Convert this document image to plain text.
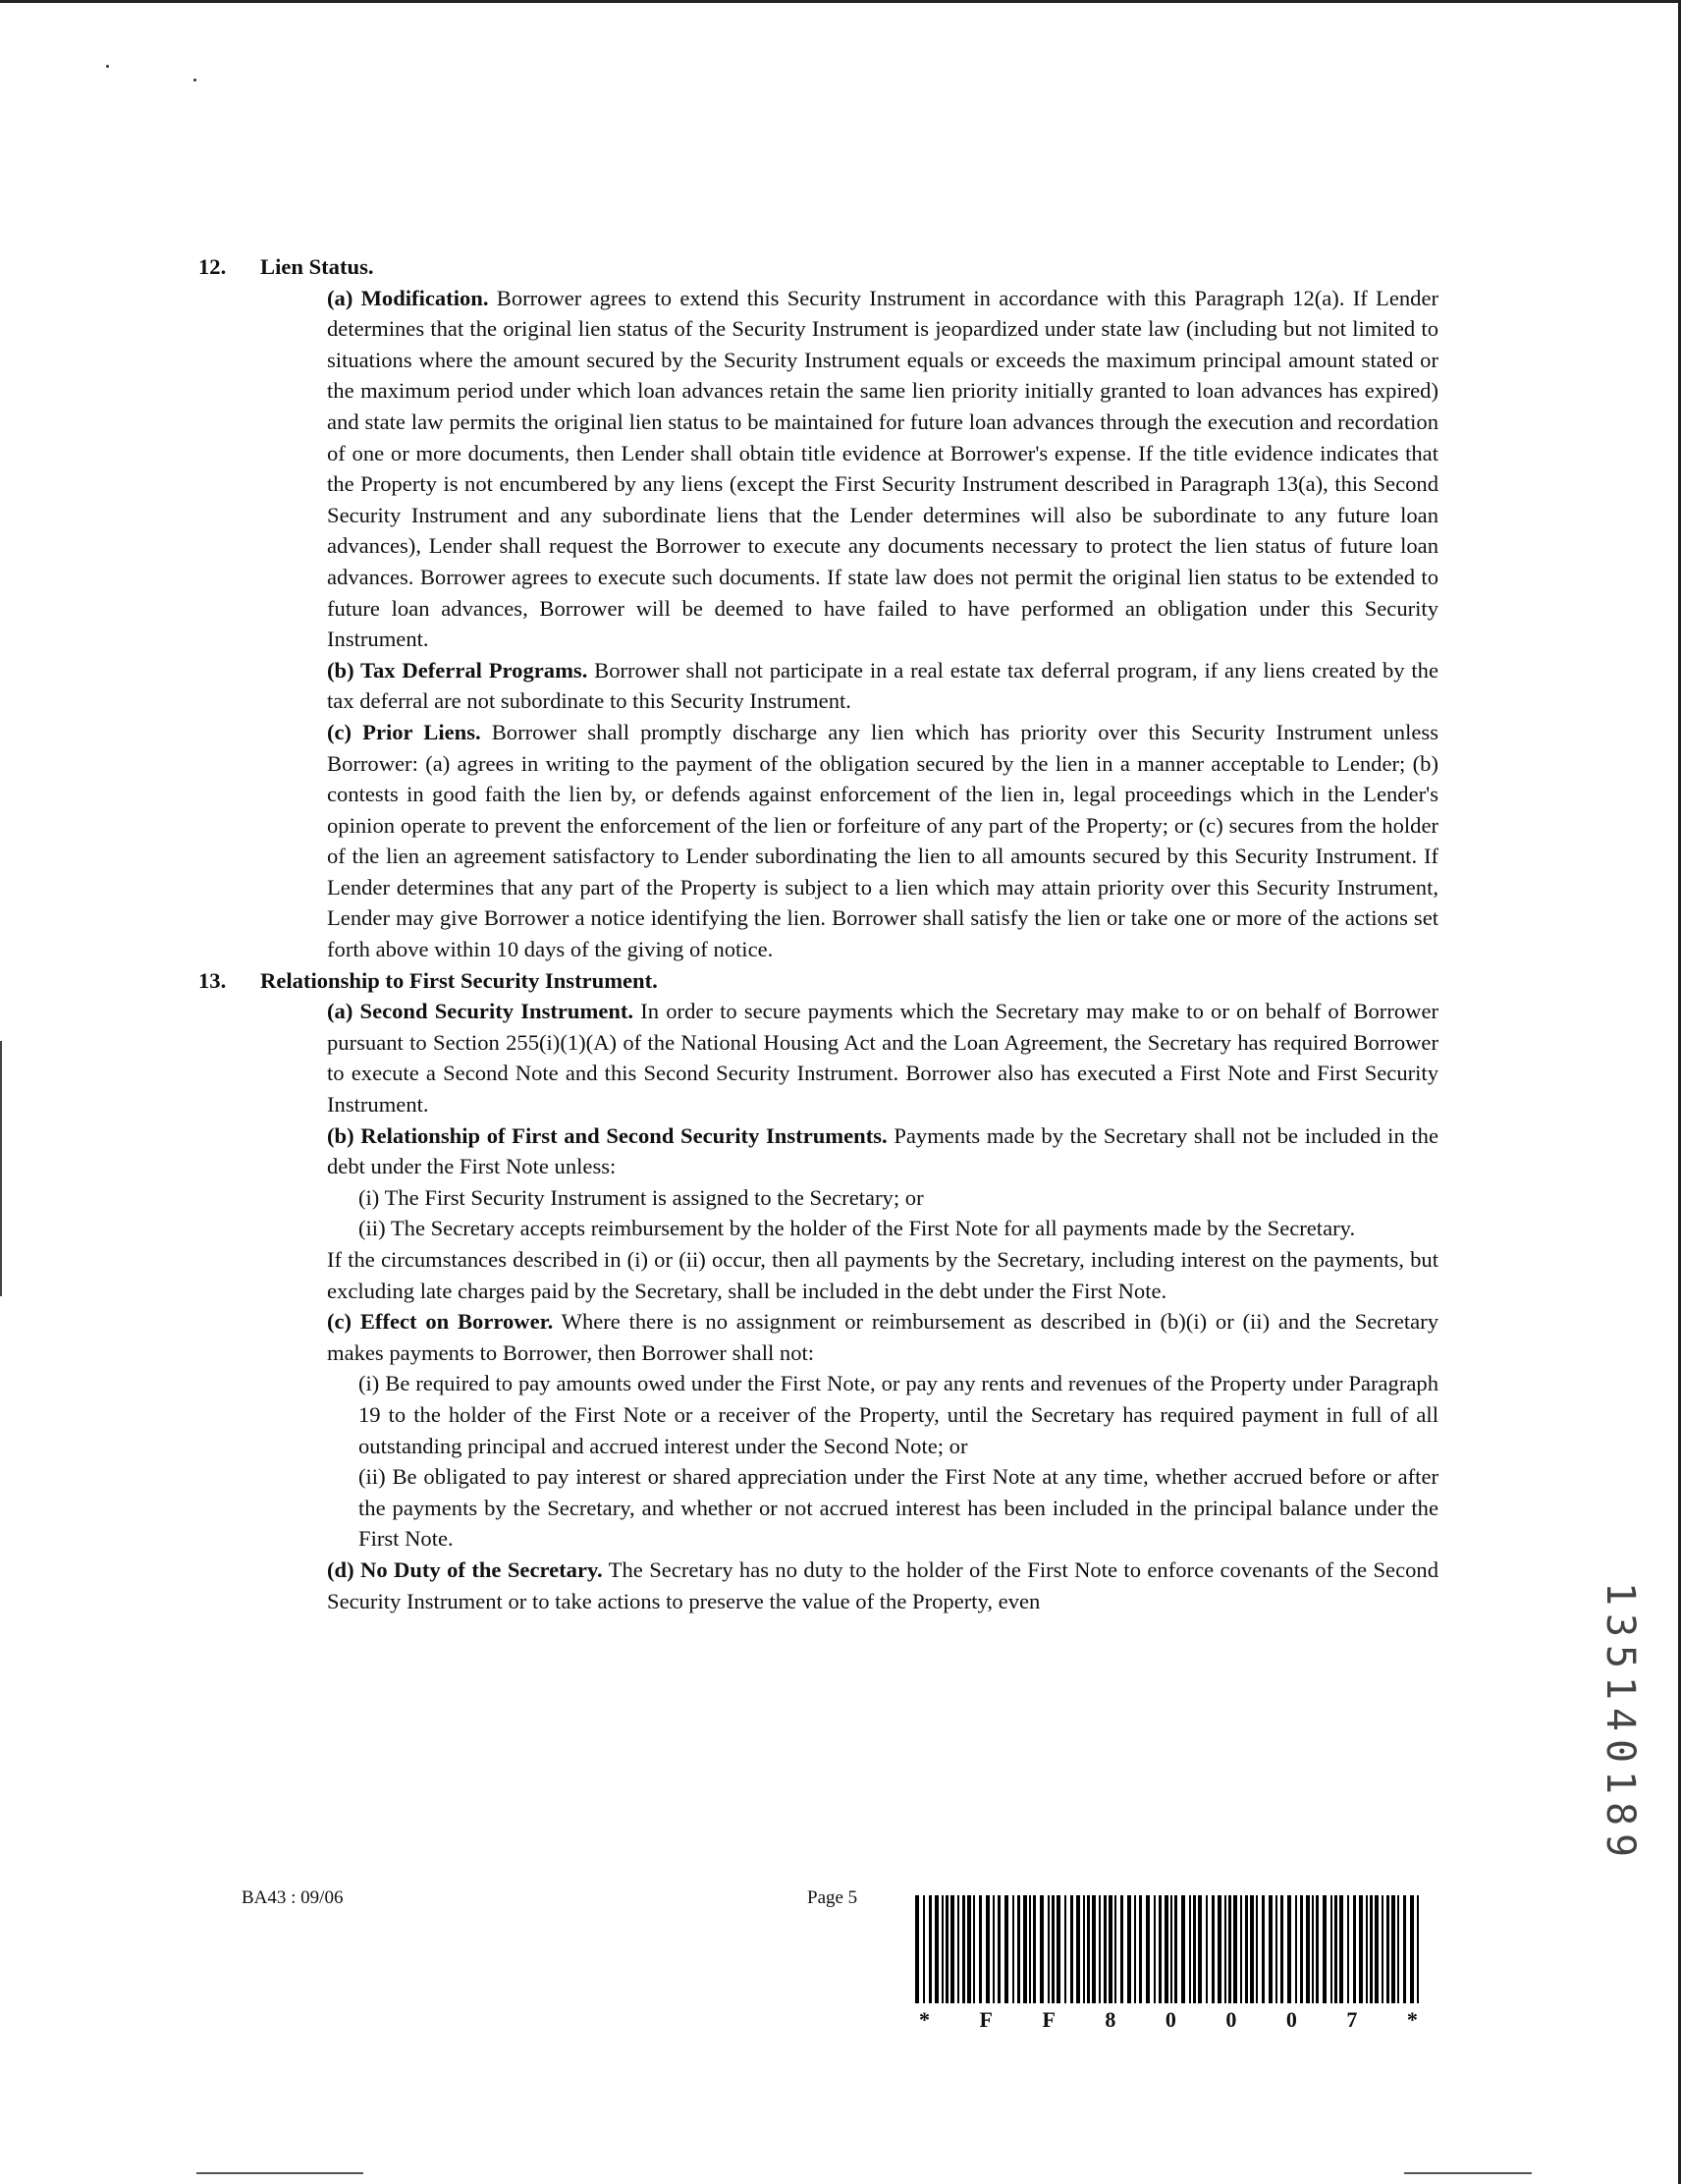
12. Lien Status.

(a) Modification. Borrower agrees to extend this Security Instrument in accordance with this Paragraph 12(a). If Lender determines that the original lien status of the Security Instrument is jeopardized under state law (including but not limited to situations where the amount secured by the Security Instrument equals or exceeds the maximum principal amount stated or the maximum period under which loan advances retain the same lien priority initially granted to loan advances has expired) and state law permits the original lien status to be maintained for future loan advances through the execution and recordation of one or more documents, then Lender shall obtain title evidence at Borrower's expense. If the title evidence indicates that the Property is not encumbered by any liens (except the First Security Instrument described in Paragraph 13(a), this Second Security Instrument and any subordinate liens that the Lender determines will also be subordinate to any future loan advances), Lender shall request the Borrower to execute any documents necessary to protect the lien status of future loan advances. Borrower agrees to execute such documents. If state law does not permit the original lien status to be extended to future loan advances, Borrower will be deemed to have failed to have performed an obligation under this Security Instrument.

(b) Tax Deferral Programs. Borrower shall not participate in a real estate tax deferral program, if any liens created by the tax deferral are not subordinate to this Security Instrument.

(c) Prior Liens. Borrower shall promptly discharge any lien which has priority over this Security Instrument unless Borrower: (a) agrees in writing to the payment of the obligation secured by the lien in a manner acceptable to Lender; (b) contests in good faith the lien by, or defends against enforcement of the lien in, legal proceedings which in the Lender's opinion operate to prevent the enforcement of the lien or forfeiture of any part of the Property; or (c) secures from the holder of the lien an agreement satisfactory to Lender subordinating the lien to all amounts secured by this Security Instrument. If Lender determines that any part of the Property is subject to a lien which may attain priority over this Security Instrument, Lender may give Borrower a notice identifying the lien. Borrower shall satisfy the lien or take one or more of the actions set forth above within 10 days of the giving of notice.

13. Relationship to First Security Instrument.

(a) Second Security Instrument. In order to secure payments which the Secretary may make to or on behalf of Borrower pursuant to Section 255(i)(1)(A) of the National Housing Act and the Loan Agreement, the Secretary has required Borrower to execute a Second Note and this Second Security Instrument. Borrower also has executed a First Note and First Security Instrument.

(b) Relationship of First and Second Security Instruments. Payments made by the Secretary shall not be included in the debt under the First Note unless:

(i) The First Security Instrument is assigned to the Secretary; or

(ii) The Secretary accepts reimbursement by the holder of the First Note for all payments made by the Secretary.

If the circumstances described in (i) or (ii) occur, then all payments by the Secretary, including interest on the payments, but excluding late charges paid by the Secretary, shall be included in the debt under the First Note.

(c) Effect on Borrower. Where there is no assignment or reimbursement as described in (b)(i) or (ii) and the Secretary makes payments to Borrower, then Borrower shall not:

(i) Be required to pay amounts owed under the First Note, or pay any rents and revenues of the Property under Paragraph 19 to the holder of the First Note or a receiver of the Property, until the Secretary has required payment in full of all outstanding principal and accrued interest under the Second Note; or

(ii) Be obligated to pay interest or shared appreciation under the First Note at any time, whether accrued before or after the payments by the Secretary, and whether or not accrued interest has been included in the principal balance under the First Note.

(d) No Duty of the Secretary. The Secretary has no duty to the holder of the First Note to enforce covenants of the Second Security Instrument or to take actions to preserve the value of the Property, even

BA43 : 09/06	Page 5
* F F 8 0 0 0 7 *
1
3
5
1
4
0
1
8
9
